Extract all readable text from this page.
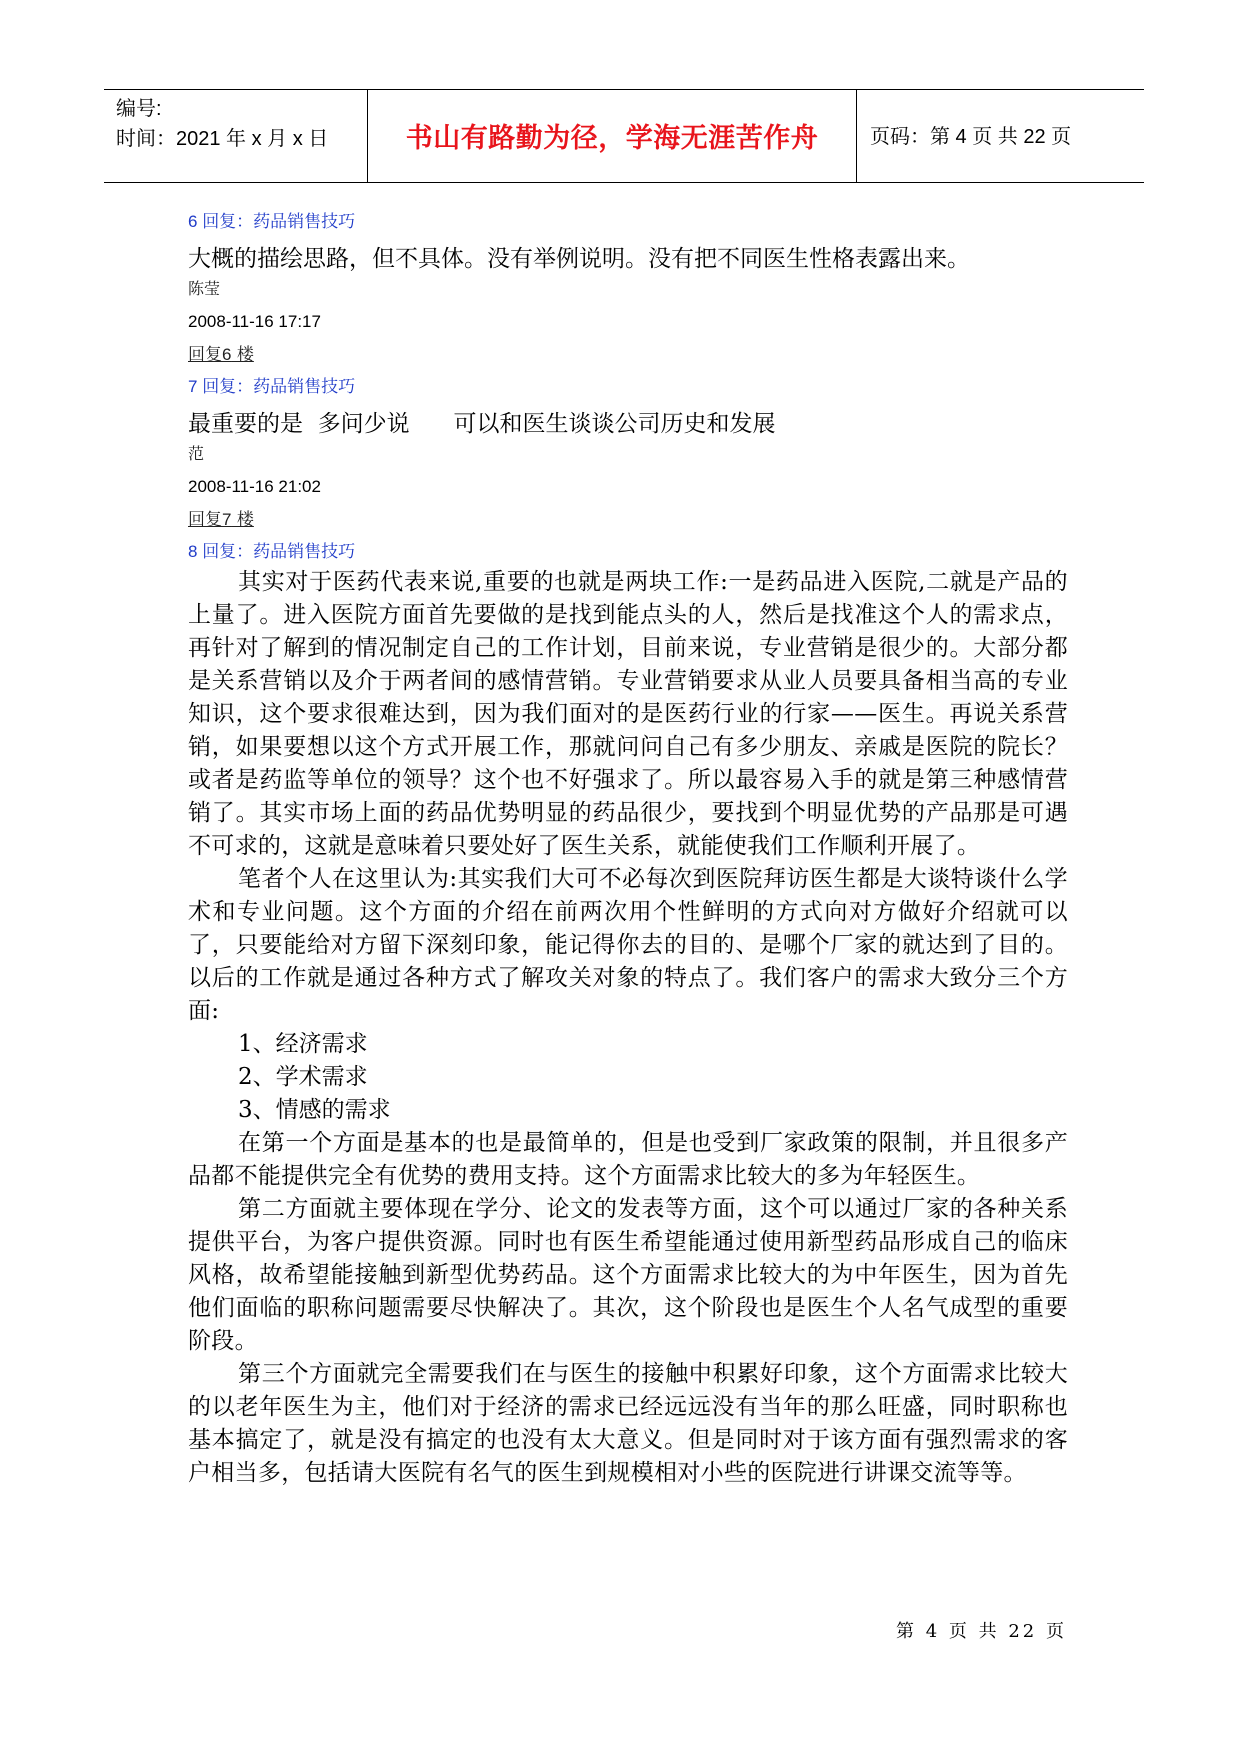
编号:
时间：2021 年 x 月 x 日	书山有路勤为径，学海无涯苦作舟	页码：第 4 页 共 22 页
6 回复：药品销售技巧
大概的描绘思路，但不具体。没有举例说明。没有把不同医生性格表露出来。
陈莹
2008-11-16 17:17
回复6 楼
7 回复：药品销售技巧
最重要的是  多问少说      可以和医生谈谈公司历史和发展
范
2008-11-16 21:02
回复7 楼
8 回复：药品销售技巧

其实对于医药代表来说,重要的也就是两块工作:一是药品进入医院,二就是产品的上量了。进入医院方面首先要做的是找到能点头的人，然后是找准这个人的需求点，再针对了解到的情况制定自己的工作计划，目前来说，专业营销是很少的。大部分都是关系营销以及介于两者间的感情营销。专业营销要求从业人员要具备相当高的专业知识，这个要求很难达到，因为我们面对的是医药行业的行家——医生。再说关系营销，如果要想以这个方式开展工作，那就问问自己有多少朋友、亲戚是医院的院长？或者是药监等单位的领导？这个也不好强求了。所以最容易入手的就是第三种感情营销了。其实市场上面的药品优势明显的药品很少，要找到个明显优势的产品那是可遇不可求的，这就是意味着只要处好了医生关系，就能使我们工作顺利开展了。

笔者个人在这里认为:其实我们大可不必每次到医院拜访医生都是大谈特谈什么学术和专业问题。这个方面的介绍在前两次用个性鲜明的方式向对方做好介绍就可以了，只要能给对方留下深刻印象，能记得你去的目的、是哪个厂家的就达到了目的。以后的工作就是通过各种方式了解攻关对象的特点了。我们客户的需求大致分三个方面:

1、经济需求

2、学术需求

3、情感的需求

在第一个方面是基本的也是最简单的，但是也受到厂家政策的限制，并且很多产品都不能提供完全有优势的费用支持。这个方面需求比较大的多为年轻医生。

第二方面就主要体现在学分、论文的发表等方面，这个可以通过厂家的各种关系提供平台，为客户提供资源。同时也有医生希望能通过使用新型药品形成自己的临床风格，故希望能接触到新型优势药品。这个方面需求比较大的为中年医生，因为首先他们面临的职称问题需要尽快解决了。其次，这个阶段也是医生个人名气成型的重要阶段。

第三个方面就完全需要我们在与医生的接触中积累好印象，这个方面需求比较大的以老年医生为主，他们对于经济的需求已经远远没有当年的那么旺盛，同时职称也基本搞定了，就是没有搞定的也没有太大意义。但是同时对于该方面有强烈需求的客户相当多，包括请大医院有名气的医生到规模相对小些的医院进行讲课交流等等。

第 4 页 共 22 页
